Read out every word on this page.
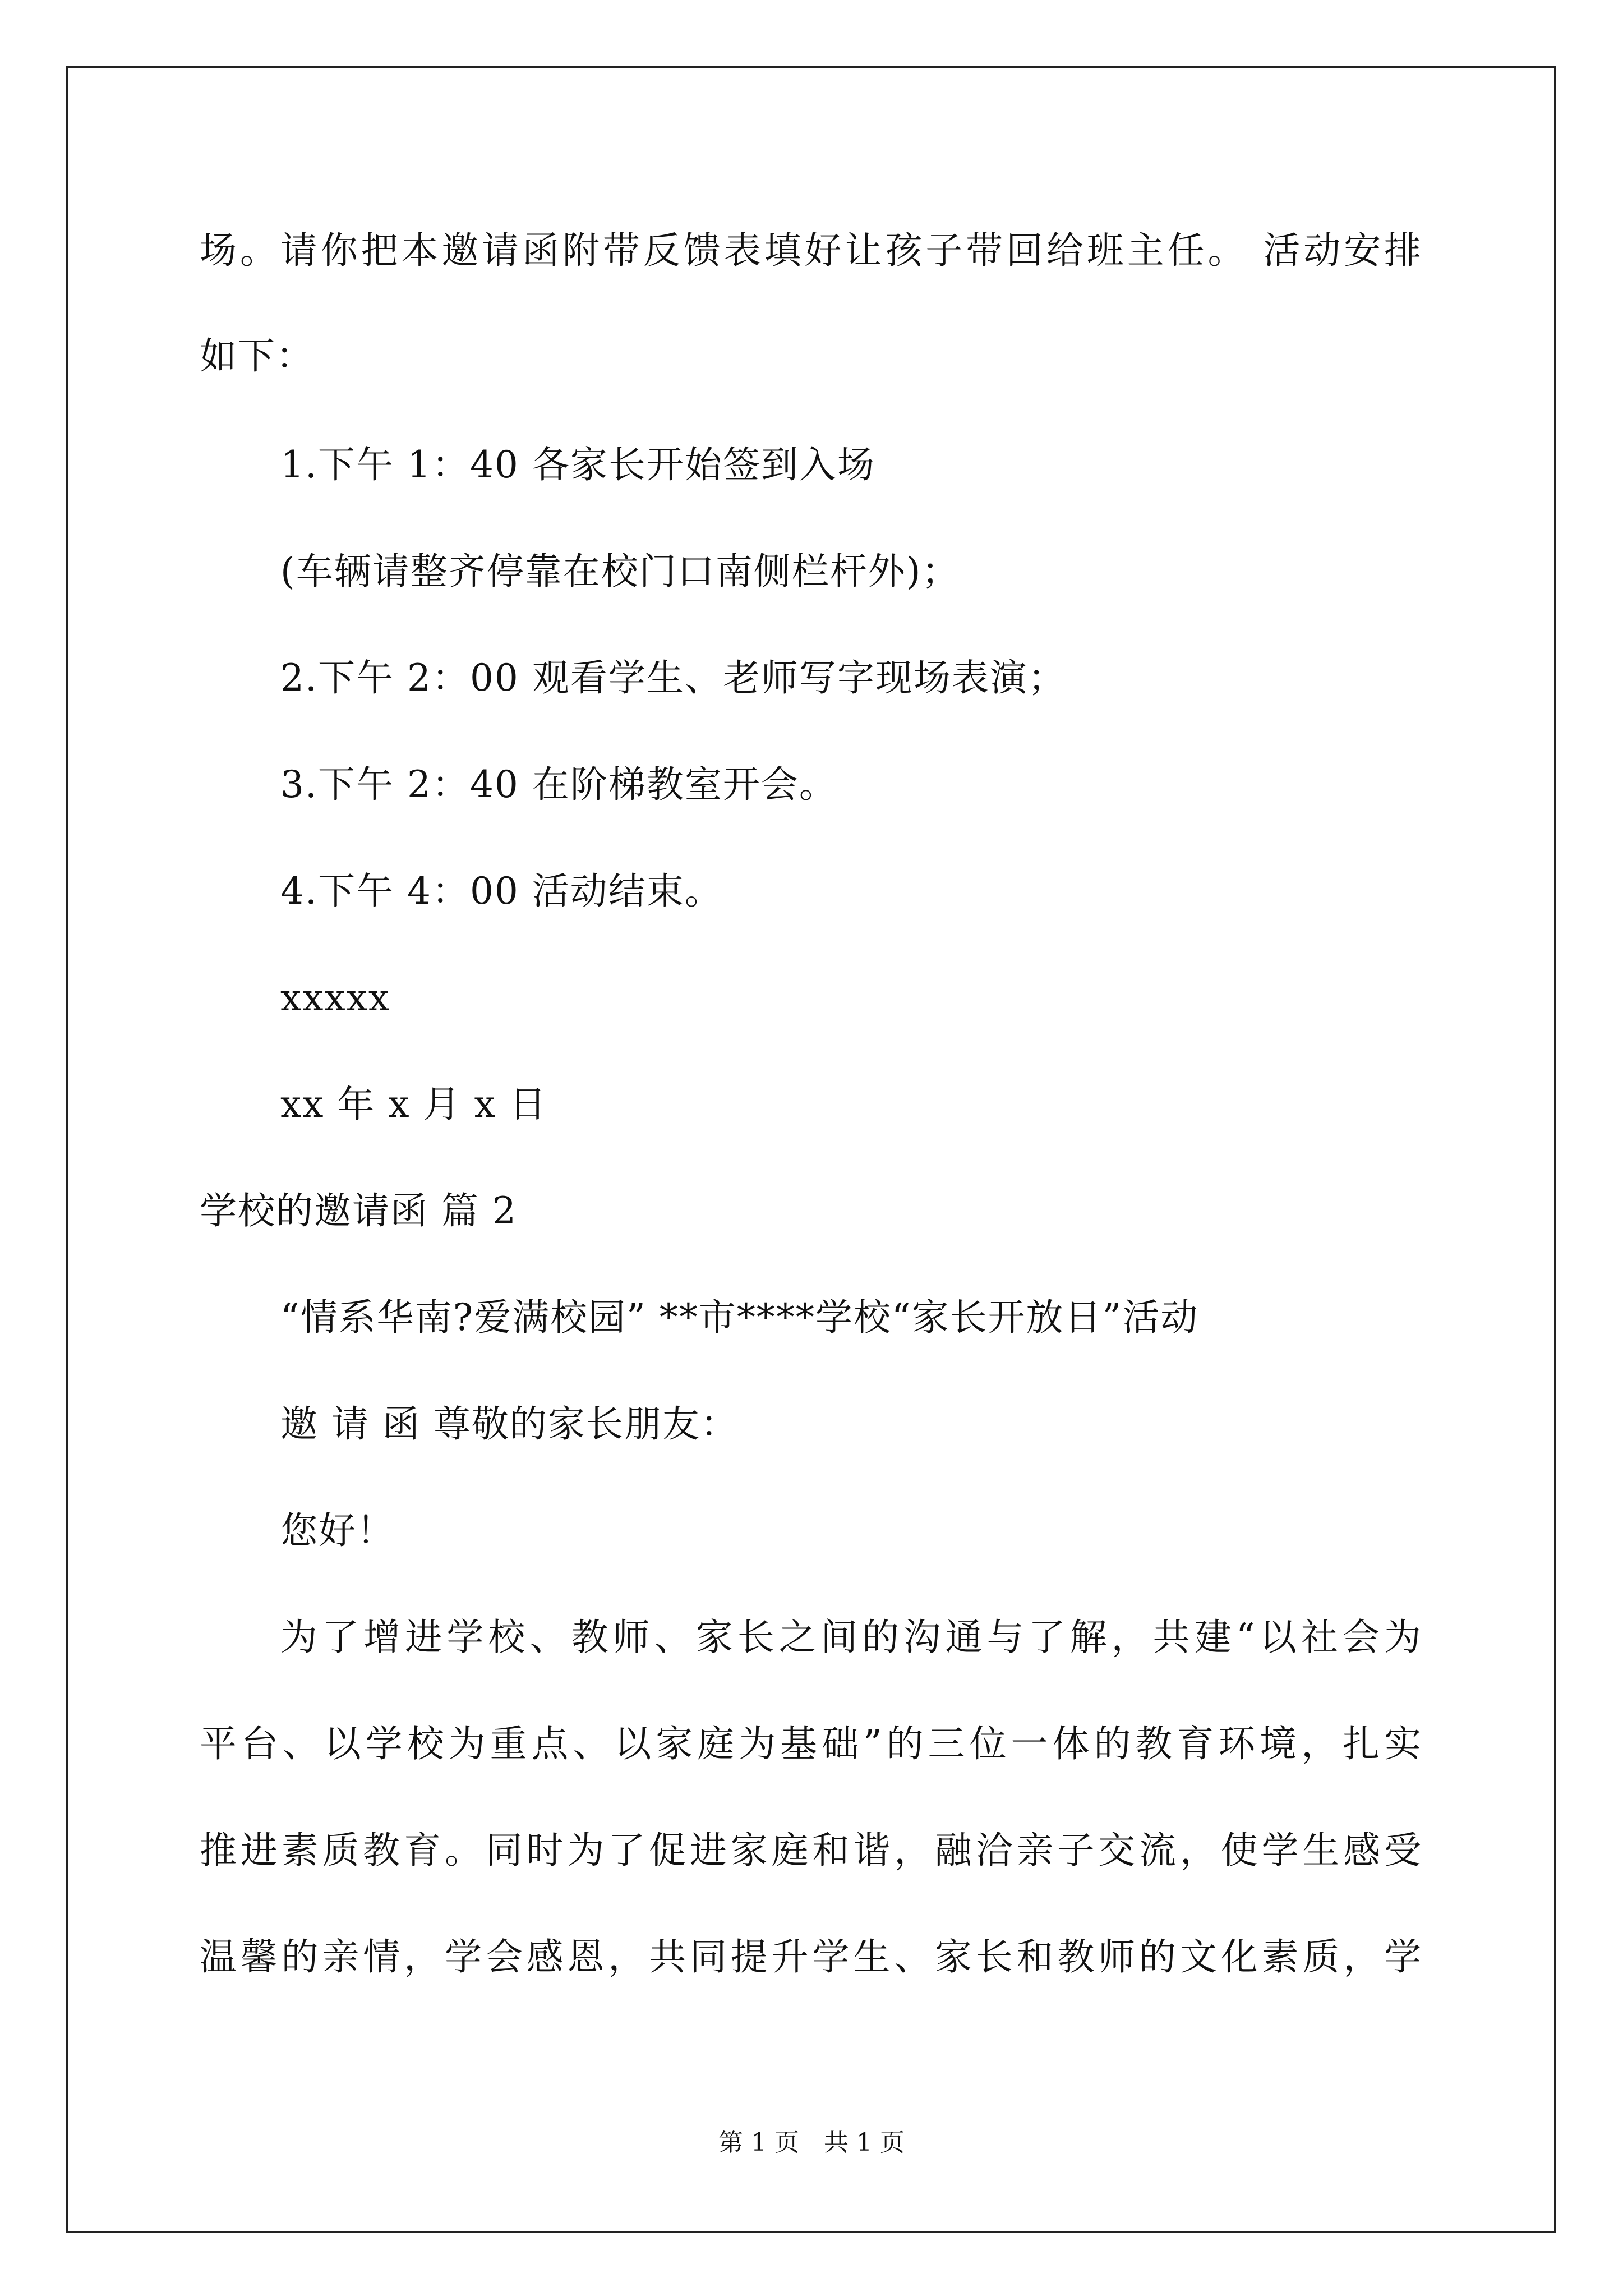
场。请你把本邀请函附带反馈表填好让孩子带回给班主任。 活动安排
如下：
1.下午 1：40 各家长开始签到入场
(车辆请整齐停靠在校门口南侧栏杆外)；
2.下午 2：00 观看学生、老师写字现场表演；
3.下午 2：40 在阶梯教室开会。
4.下午 4：00 活动结束。
xxxxx
xx 年 x 月 x 日
学校的邀请函 篇 2
“情系华南?爱满校园” **市****学校“家长开放日”活动
邀 请 函 尊敬的家长朋友：
您好！
为了增进学校、教师、家长之间的沟通与了解，共建“以社会为
平台、以学校为重点、以家庭为基础”的三位一体的教育环境，扎实
推进素质教育。同时为了促进家庭和谐，融洽亲子交流，使学生感受
温馨的亲情，学会感恩，共同提升学生、家长和教师的文化素质，学
第 1 页　共 1 页
